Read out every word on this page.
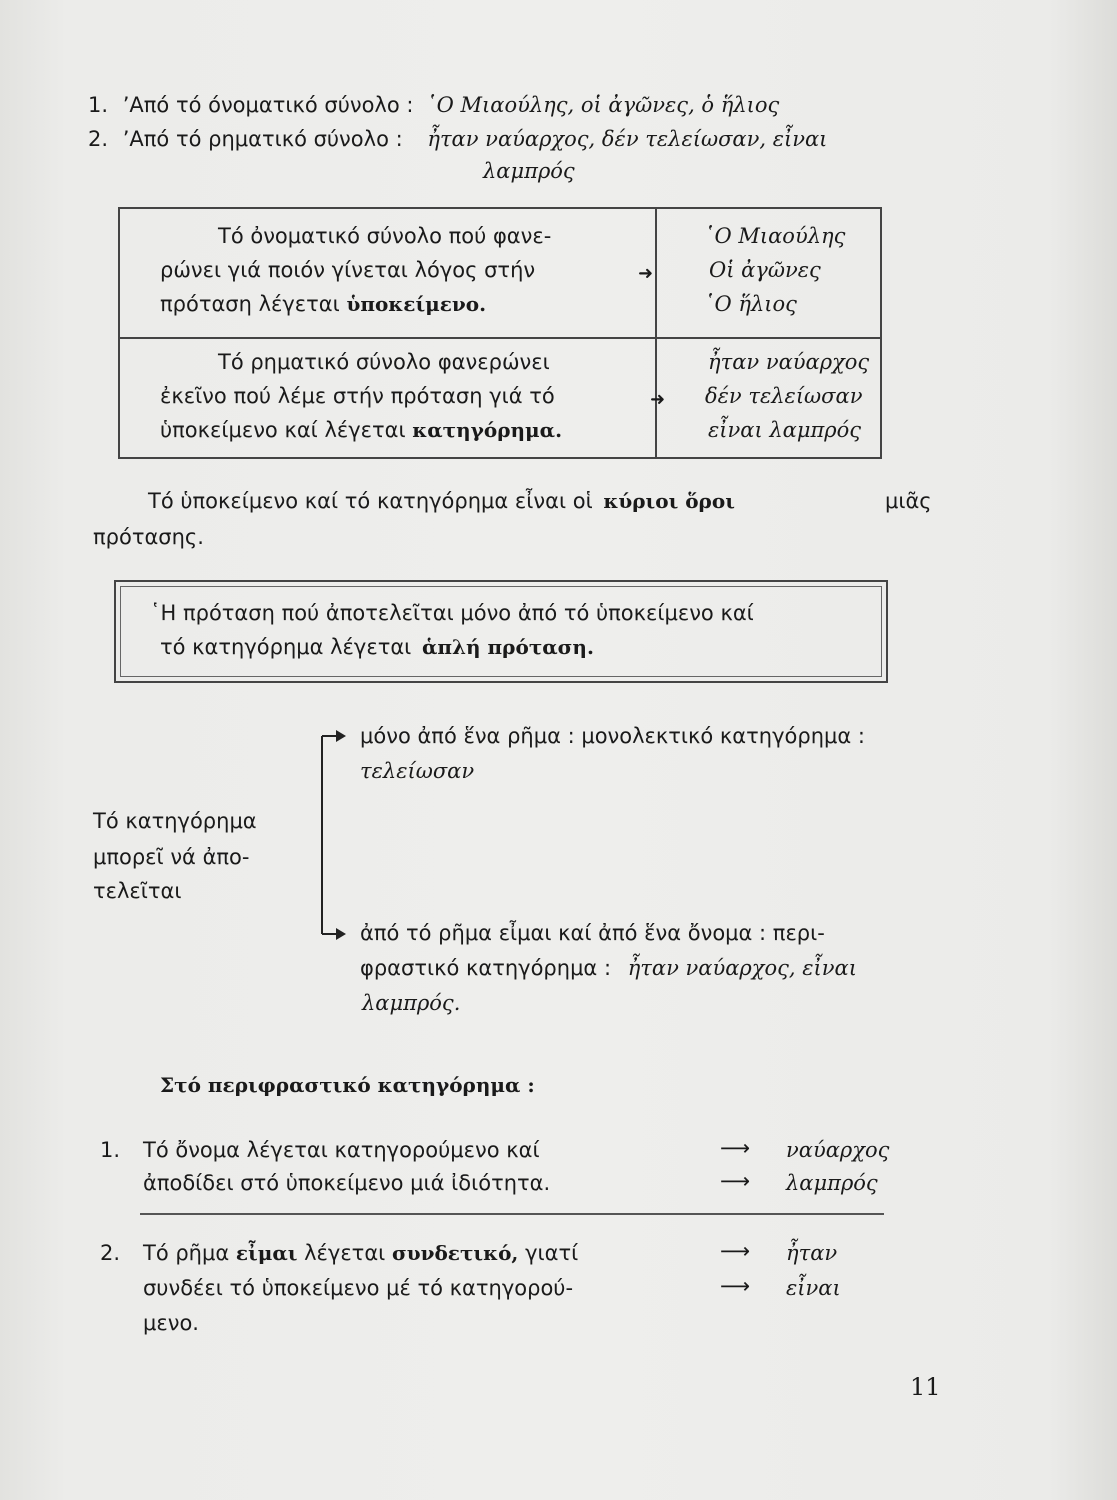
1. ’Από τό όνοματικό σύνολο : ῾Ο Μιαούλης, οἱ ἀγῶνες, ὁ ἥλιος
2. ’Από τό ρηματικό σύνολο : ἦταν ναύαρχος, δέν τελείωσαν, εἶναι
λαμπρός
Τό ὀνοματικό σύνολο πού φανε-
ρώνει γιά ποιόν γίνεται λόγος στήν
πρόταση λέγεται ὑποκείμενο.
➜
῾Ο Μιαούλης
Οἱ ἀγῶνες
῾Ο ἥλιος
Τό ρηματικό σύνολο φανερώνει
ἐκεῖνο πού λέμε στήν πρόταση γιά τό
ὑποκείμενο καί λέγεται κατηγόρημα.
➜
ἦταν ναύαρχος
δέν τελείωσαν
εἶναι λαμπρός
Τό ὑποκείμενο καί τό κατηγόρημα εἶναι οἱ κύριοι ὅροι	μιᾶς
πρότασης.
῾Η πρόταση πού ἀποτελεῖται μόνο ἀπό τό ὑποκείμενο καί
τό κατηγόρημα λέγεται ἁπλή πρόταση.
Τό κατηγόρημα
μπορεῖ νά ἀπο-
τελεῖται
μόνο ἀπό ἕνα ρῆμα : μονολεκτικό κατηγόρημα :
τελείωσαν
ἀπό τό ρῆμα εἶμαι καί ἀπό ἕνα ὄνομα : περι-
φραστικό κατηγόρημα : ἦταν ναύαρχος, εἶναι
λαμπρός.
Στό περιφραστικό κατηγόρημα :
1. Τό ὄνομα λέγεται κατηγορούμενο καί
ἀποδίδει στό ὑποκείμενο μιά ἰδιότητα.
⟶ ναύαρχος
⟶ λαμπρός
2. Τό ρῆμα εἶμαι λέγεται συνδετικό, γιατί
συνδέει τό ὑποκείμενο μέ τό κατηγορού-
μενο.
⟶ ἦταν
⟶ εἶναι
11
